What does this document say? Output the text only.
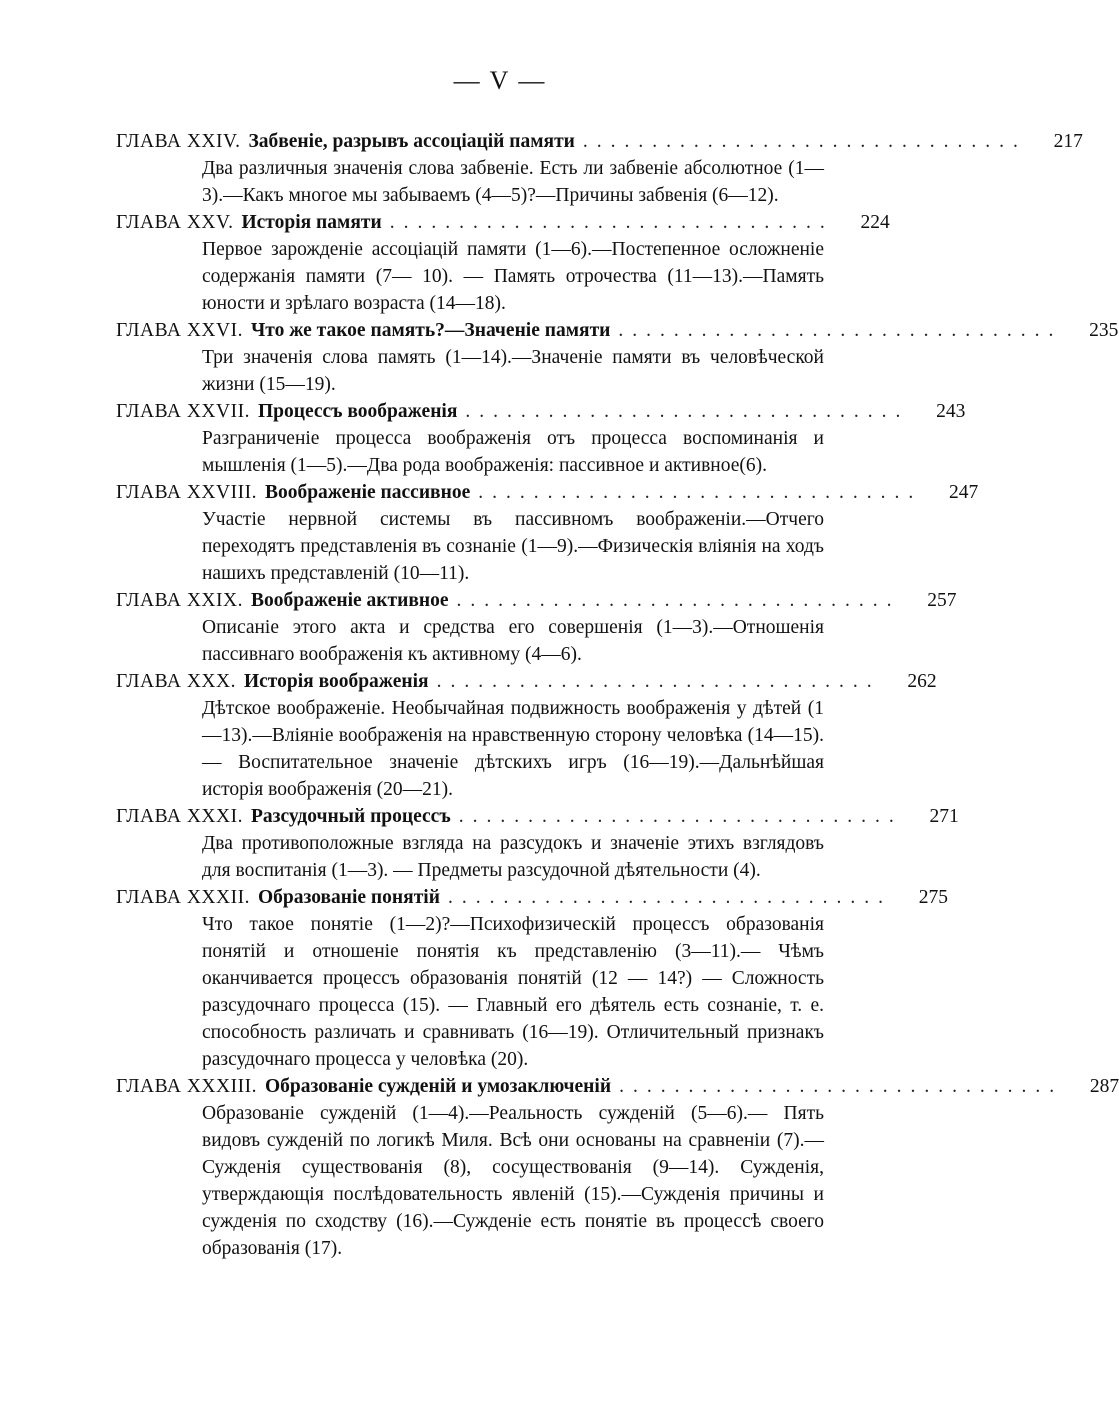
— V —
ГЛАВА XXIV. Забвеніе, разрывъ ассоціацій памяти ................................	217

Два различныя значенія слова забвеніе. Есть ли забвеніе абсолютное (1—3).—Какъ многое мы забываемъ (4—5)?—Причины забвенія (6—12).

ГЛАВА XXV. Исторія памяти ................................	224

Первое зарожденіе ассоціацій памяти (1—6).—Постепенное осложненіе содержанія памяти (7— 10). — Память отрочества (11—13).—Память юности и зрѣлаго возраста (14—18).

ГЛАВА XXVI. Что же такое память?—Значеніе памяти ................................	235

Три значенія слова память (1—14).—Значеніе памяти въ человѣческой жизни (15—19).

ГЛАВА XXVII. Процессъ воображенія ................................	243

Разграниченіе процесса воображенія отъ процесса воспоминанія и мышленія (1—5).—Два рода воображенія: пассивное и активное(6).

ГЛАВА XXVIII. Воображеніе пассивное ................................	247

Участіе нервной системы въ пассивномъ воображеніи.—Отчего переходятъ представленія въ сознаніе (1—9).—Физическія вліянія на ходъ нашихъ представленій (10—11).

ГЛАВА XXIX. Воображеніе активное ................................	257

Описаніе этого акта и средства его совершенія (1—3).—Отношенія пассивнаго воображенія къ активному (4—6).

ГЛАВА XXX. Исторія воображенія ................................	262

Дѣтское воображеніе. Необычайная подвижность воображенія у дѣтей (1—13).—Вліяніе воображенія на нравственную сторону человѣка (14—15). — Воспитательное значеніе дѣтскихъ игръ (16—19).—Дальнѣйшая исторія воображенія (20—21).

ГЛАВА XXXI. Разсудочный процессъ ................................	271

Два противоположные взгляда на разсудокъ и значеніе этихъ взглядовъ для воспитанія (1—3). — Предметы разсудочной дѣятельности (4).

ГЛАВА XXXII. Образованіе понятій ................................	275

Что такое понятіе (1—2)?—Психофизическій процессъ образованія понятій и отношеніе понятія къ представленію (3—11).— Чѣмъ оканчивается процессъ образованія понятій (12 — 14?) — Сложность разсудочнаго процесса (15). — Главный его дѣятель есть сознаніе, т. е. способность различать и сравнивать (16—19). Отличительный признакъ разсудочнаго процесса у человѣка (20).

ГЛАВА XXXIII. Образованіе сужденій и умозаключеній ................................	287

Образованіе сужденій (1—4).—Реальность сужденій (5—6).— Пять видовъ сужденій по логикѣ Миля. Всѣ они основаны на сравненіи (7).—Сужденія существованія (8), сосуществованія (9—14). Сужденія, утверждающія послѣдовательность явленій (15).—Сужденія причины и сужденія по сходству (16).—Сужденіе есть понятіе въ процессѣ своего образованія (17).
